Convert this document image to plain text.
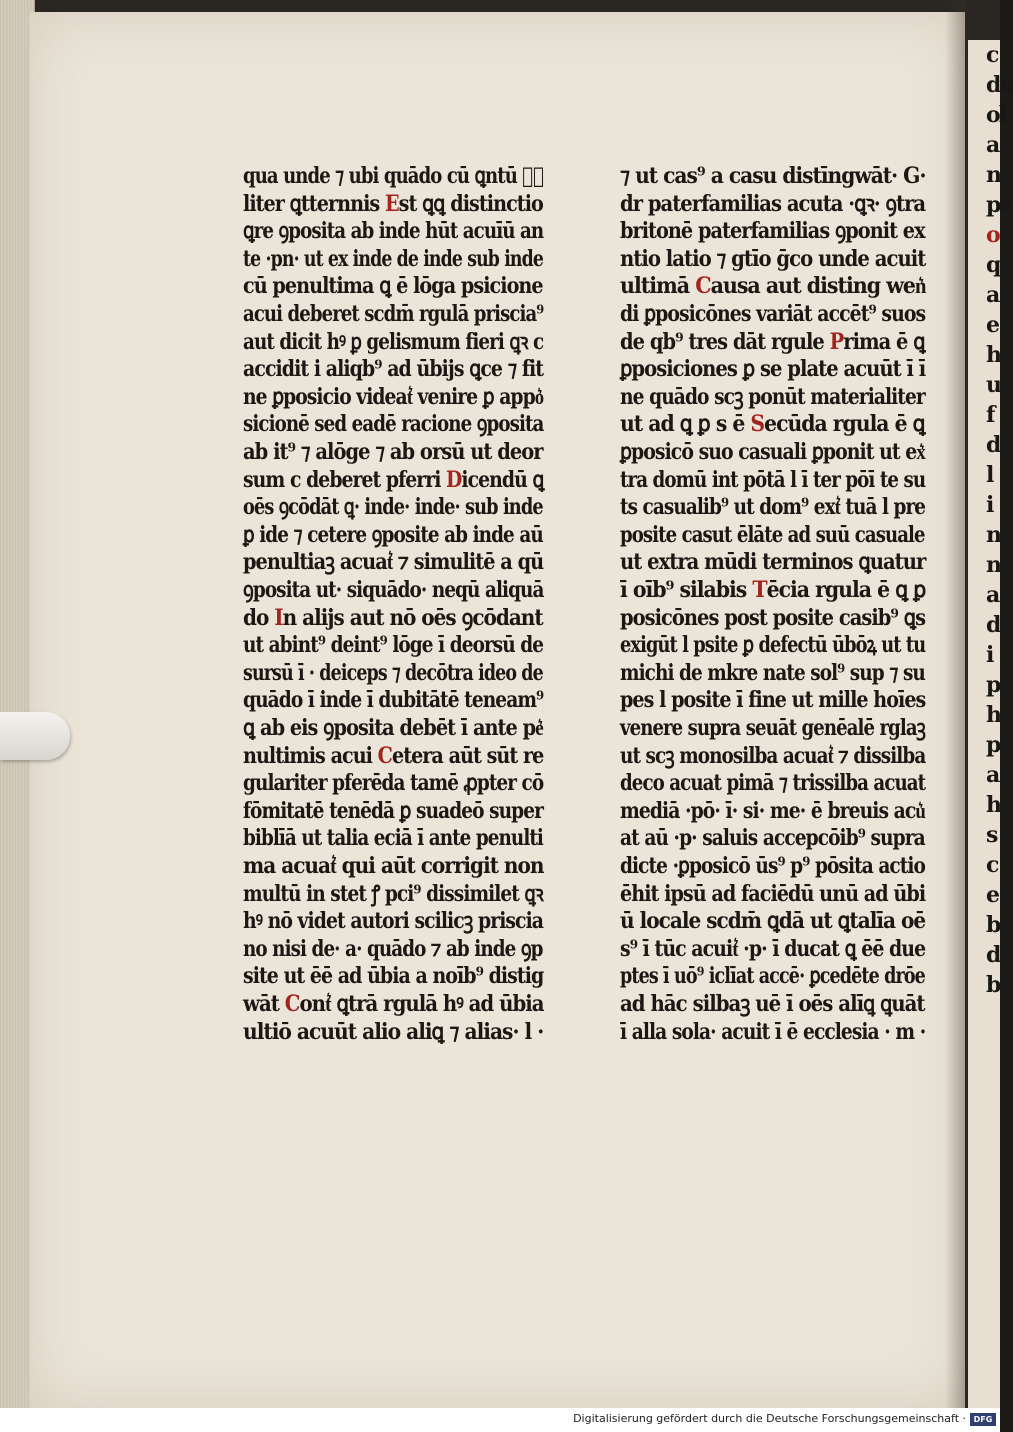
qua unde ⁊ ubi quādo cū ꝗntū ꝗ͛
liter ꝗtternnis Est ꝗꝗ distinctio
ꝗre ꝯposita ab inde hūt acuīū an
te ·pn· ut ex inde de inde sub inde
cū penultima ꝗ ē lōga psicione
acui deberet scdm̄ rgulā priscia⁹
aut dicit hꝰ ꝑ gelismum fieri ꝗꝛ c
accidit i aliqb⁹ ad ūbijs ꝗce ⁊ fit
ne ꝑposicio videat͛ venire ꝑ appo͛
sicionē sed eadē racione ꝯposita
ab it⁹ ⁊ alōge ⁊ ab orsū ut deor
sum c deberet pferri Dicendū ꝗ
oēs ꝯcōdāt ꝗ· inde· inde· sub inde
ꝑ ide ⁊ cetere ꝯposite ab inde aū
penultiaꝫ acuat͛ ⁊ simulitē a qū
ꝯposita ut· siquādo· neqū aliquā
do In alijs aut nō oēs ꝯcōdant
ut abint⁹ deint⁹ lōge ī deorsū de
sursū ī · deiceps ⁊ decōtra ideo de
quādo ī inde ī dubitātē teneam⁹
ꝗ ab eis ꝯposita debēt ī ante pe͛
nultimis acui Cetera aūt sūt re
gulariter pferēda tamē ꝓpter cō
fōmitatē tenēdā ꝑ suadeō super
biblīā ut talia eciā ī ante penulti
ma acuat͛ qui aūt corrigit non
multū in stet ꝭ pci⁹ dissimilet ꝗꝛ
hꝰ nō videt autori scilicꝫ priscia
no nisi de· a· quādo ⁊ ab inde ꝯp
site ut ēē ad ūbia a noīb⁹ distig
wāt Cont͛ ꝗtrā rgulā hꝰ ad ūbia
ultiō acuūt alio aliꝗ ⁊ alias· l ·
⁊ ut cas⁹ a casu distīngwāt· G·
dr paterfamilias acuta ·ꝗꝛ· ꝯtra
britonē paterfamilias ꝯponit ex
ntio latio ⁊ gtīo ḡco unde acuit
ultimā Causa aut disting wen͛
di ꝑposicōnes variāt accēt⁹ suos
de qb⁹ tres dāt rgule Prima ē ꝗ
ꝑposiciones ꝑ se plate acuūt ī ī
ne quādo scꝫ ponūt materialiter
ut ad ꝗ ꝑ s ē Secūda rgula ē ꝗ
ꝑposicō suo casuali ꝑponit ut ex͛
tra domū int pōtā l ī ter pōī te su
ts casualib⁹ ut dom⁹ ext͛ tuā l pre
posite casut ēlāte ad suū casuale
ut extra mūdi terminos ꝗuatur
ī oīb⁹ silabis Tēcia rgula ē ꝗ ꝑ
posicōnes post posite casib⁹ ꝗs
exigūt l psite ꝑ defectū ūbōꝝ ut tu
michi de mkre nate sol⁹ sup ⁊ su
pes l posite ī fine ut mille hoīes
venere supra seuāt genēalē rglaꝫ
ut scꝫ monosilba acuat͛ ⁊ dissilba
deco acuat pimā ⁊ trissilba acuat
mediā ·pō· ī· si· me· ē breuis acu͛
at aū ·p· saluis accepcōib⁹ supra
dicte ·ꝑposicō ūs⁹ p⁹ pōsita actio
ēhit ipsū ad faciēdū unū ad ūbi
ū locale scdm̄ ꝗdā ut ꝗtalīa oē
s⁹ ī tūc acuit͛ ·p· ī ducat ꝗ ēē due
ptes ī uō⁹ iclīat accē· ꝑcedēte drōe
ad hāc silbaꝫ uē ī oēs alīꝗ ꝗuāt
ī alla sola· acuit ī ē ecclesia · m ·
c
du
ol
a
n
pe
o
q
a
e
h
u
f
d
l
i
n
n
a
d
i
p
h
p
a
h
s
c
e
b
d
b
Digitalisierung gefördert durch die Deutsche Forschungsgemeinschaft · DFG
